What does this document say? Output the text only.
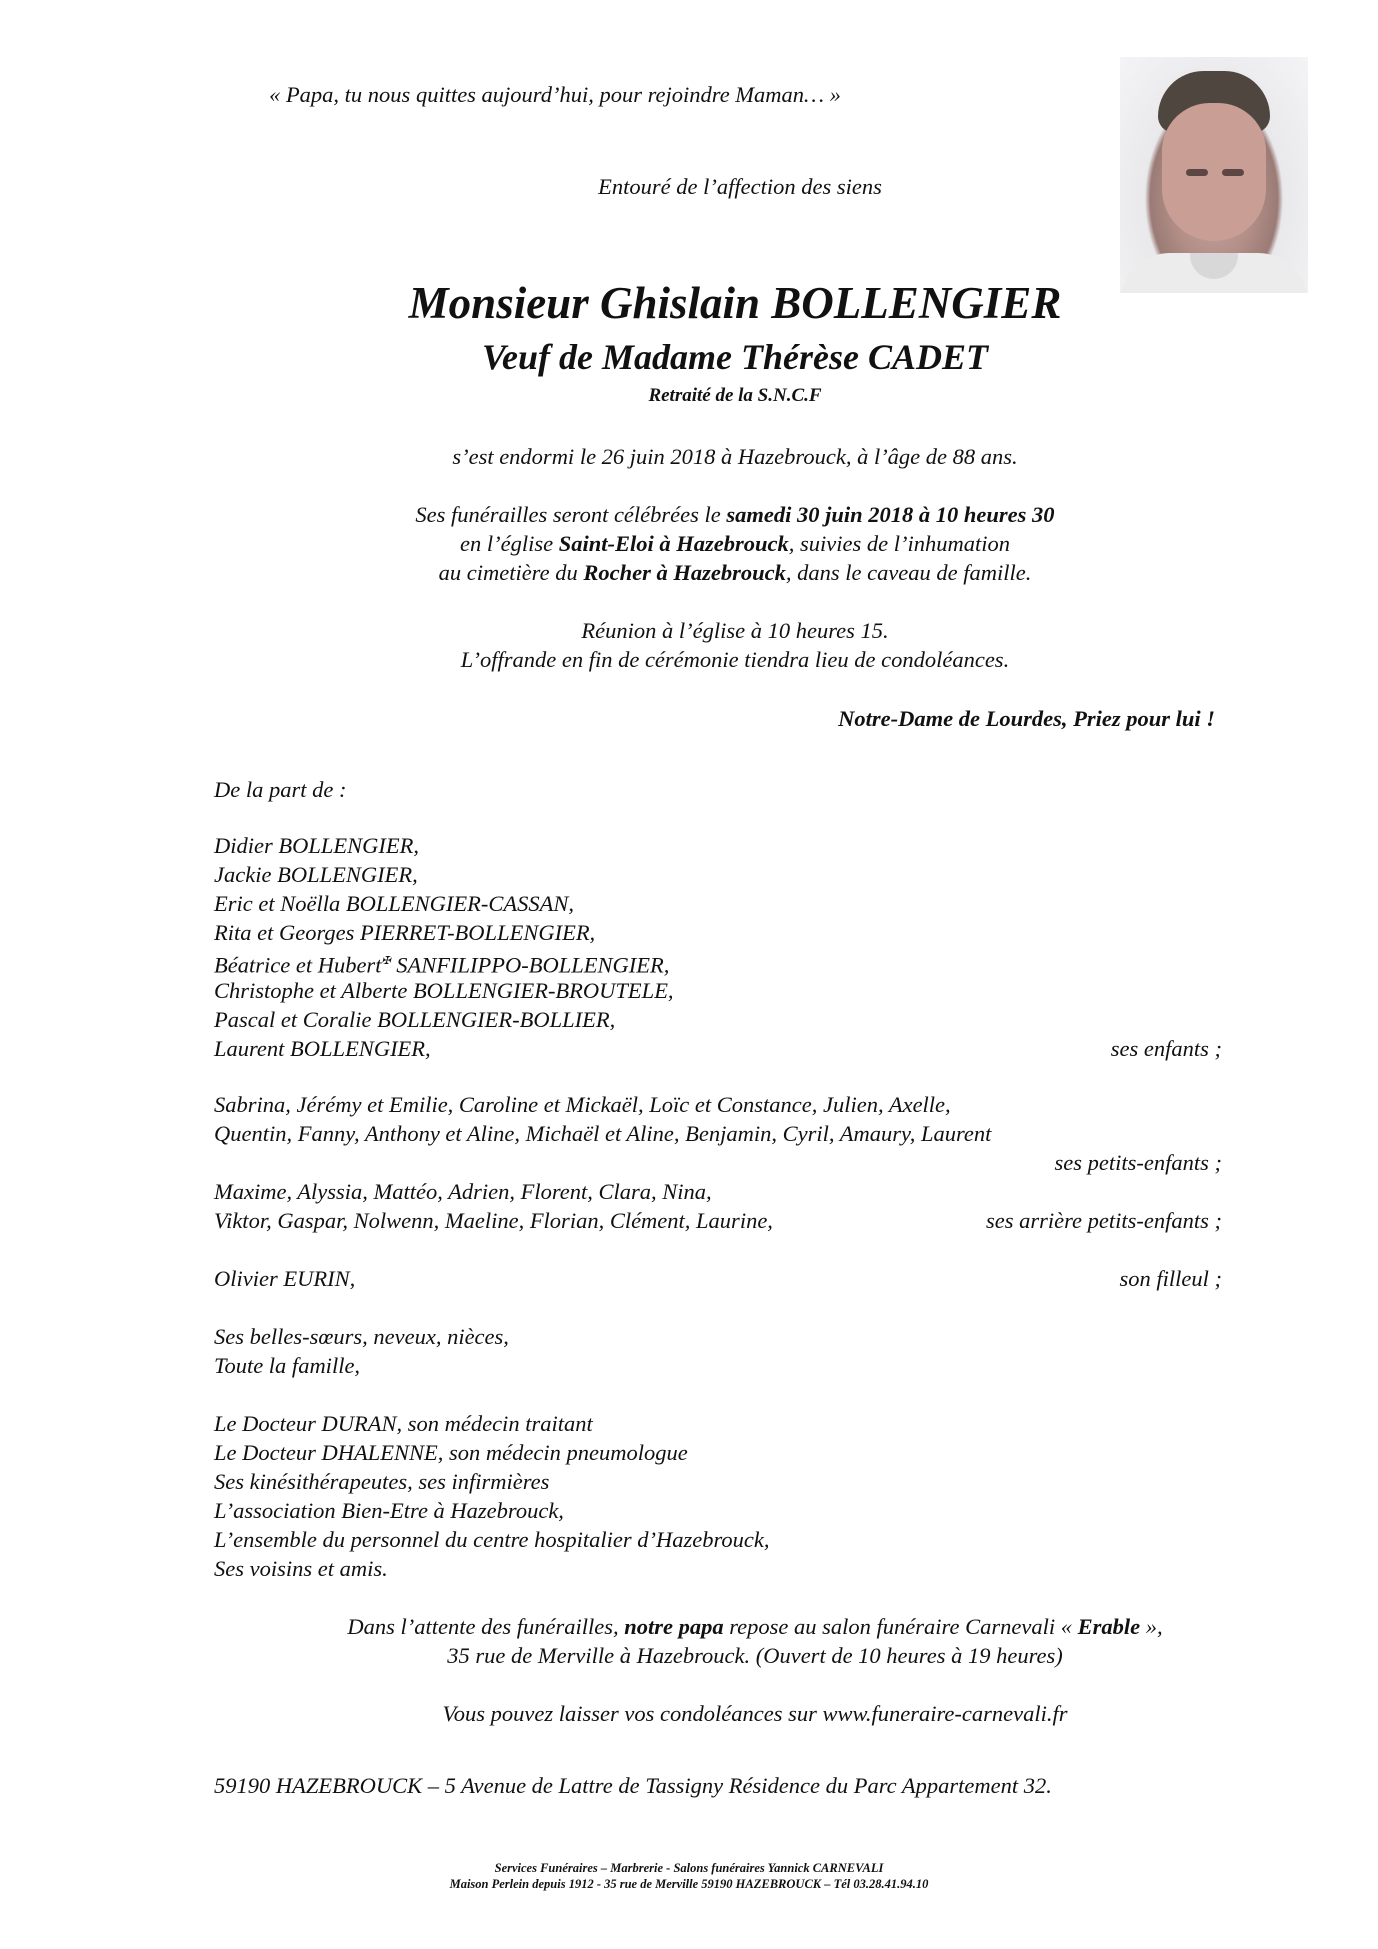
« Papa, tu nous quittes aujourd’hui, pour rejoindre Maman… »
Entouré de l’affection des siens
Monsieur Ghislain BOLLENGIER
Veuf de Madame Thérèse CADET
Retraité de la S.N.C.F
s’est endormi le 26 juin 2018 à Hazebrouck, à l’âge de 88 ans.
Ses funérailles seront célébrées le samedi 30 juin 2018 à 10 heures 30
en l’église Saint-Eloi à Hazebrouck, suivies de l’inhumation
au cimetière du Rocher à Hazebrouck, dans le caveau de famille.
Réunion à l’église à 10 heures 15.
L’offrande en fin de cérémonie tiendra lieu de condoléances.
Notre-Dame de Lourdes, Priez pour lui !
De la part de :
Didier BOLLENGIER,
Jackie BOLLENGIER,
Eric et Noëlla BOLLENGIER-CASSAN,
Rita et Georges PIERRET-BOLLENGIER,
Béatrice et Hubert✠ SANFILIPPO-BOLLENGIER,
Christophe et Alberte BOLLENGIER-BROUTELE,
Pascal et Coralie BOLLENGIER-BOLLIER,
Laurent BOLLENGIER,	ses enfants ;
Sabrina, Jérémy et Emilie, Caroline et Mickaël, Loïc et Constance, Julien, Axelle,
Quentin, Fanny, Anthony et Aline, Michaël et Aline, Benjamin, Cyril, Amaury, Laurent
ses petits-enfants ;
Maxime, Alyssia, Mattéo, Adrien, Florent, Clara, Nina,
Viktor, Gaspar, Nolwenn, Maeline, Florian, Clément, Laurine,	ses arrière petits-enfants ;
Olivier EURIN,	son filleul ;
Ses belles-sœurs, neveux, nièces,
Toute la famille,
Le Docteur DURAN, son médecin traitant
Le Docteur DHALENNE, son médecin pneumologue
Ses kinésithérapeutes, ses infirmières
L’association Bien-Etre à Hazebrouck,
L’ensemble du personnel du centre hospitalier d’Hazebrouck,
Ses voisins et amis.
Dans l’attente des funérailles, notre papa repose au salon funéraire Carnevali « Erable »,
35 rue de Merville à Hazebrouck. (Ouvert de 10 heures à 19 heures)
Vous pouvez laisser vos condoléances sur www.funeraire-carnevali.fr
59190 HAZEBROUCK – 5 Avenue de Lattre de Tassigny Résidence du Parc Appartement 32.
Services Funéraires – Marbrerie - Salons funéraires Yannick CARNEVALI
Maison Perlein depuis 1912 - 35 rue de Merville 59190 HAZEBROUCK – Tél 03.28.41.94.10
